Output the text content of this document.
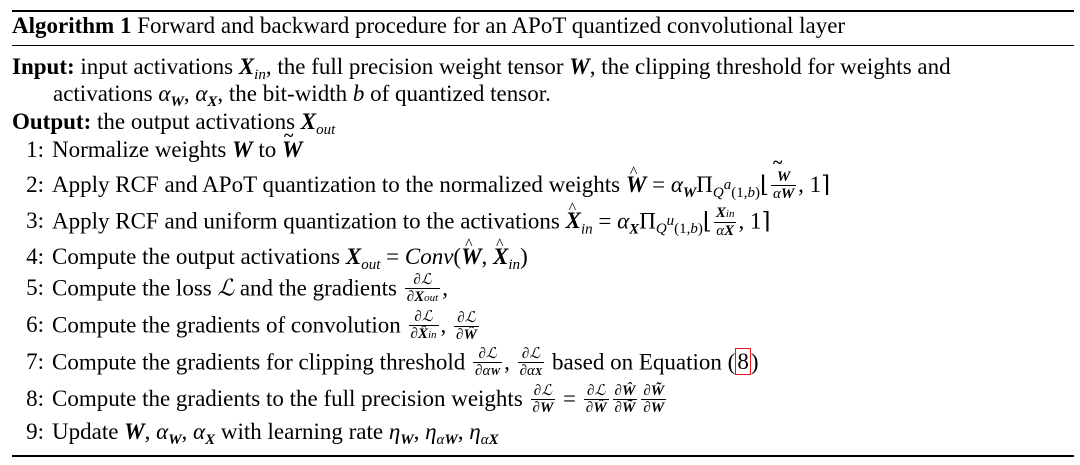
Algorithm 1 Forward and backward procedure for an APoT quantized convolutional layer
Input: input activations $X_{in}$, the full precision weight tensor W, the clipping threshold for weights and
activations $\alpha_W$, $\alpha_X$, the bit-width b of quantized tensor.
Output: the output activations $X_{out}$
1: Normalize weights W to ~ W
2: Apply RCF and APoT quantization to the normalized weights ^ $W = \alpha_W\Pi_{Q^a(1,b)}⌊$ ~ $\frac{W}{\alpha W}$ , 1⌉
3: Apply RCF and uniform quantization to the activations ^ $X_{in}$ = $\alpha_X\Pi_{Q^u(1,b)}⌊ \frac{\text{Xin}}{\alpha X}$ , 1⌉
4: Compute the output activations $X_{out}$ = Conv(^ W, ^ $X_{in}$)
5: Compute the loss ℒ and the gradients $\frac{\text{∂ℒ}}{\text{∂Xout}}$ ,
6: Compute the gradients of convolution $\frac{\text{∂ℒ}}{\partial X̂in}$ , $\frac{\text{∂ℒ}}{\partial Ŵ}$
7: Compute the gradients for clipping threshold $\frac{\text{∂ℒ}}{\partial\alpha W}$ , $\frac{\text{∂ℒ}}{\partial\alpha X}$ based on Equation (8)
8: Compute the gradients to the full precision weights $\frac{\text{∂ℒ}}{\partial W} = \frac{\text{∂ℒ}}{\partial Ŵ} \frac{\partial Ŵ}{\partial W̃} \frac{\partial W̃}{\partial W}$
9: Update W, $\alpha_W$, $\alpha_X$ with learning rate $\eta_W$, $\eta_{\alpha W}$, $\eta_{\alpha X}$
